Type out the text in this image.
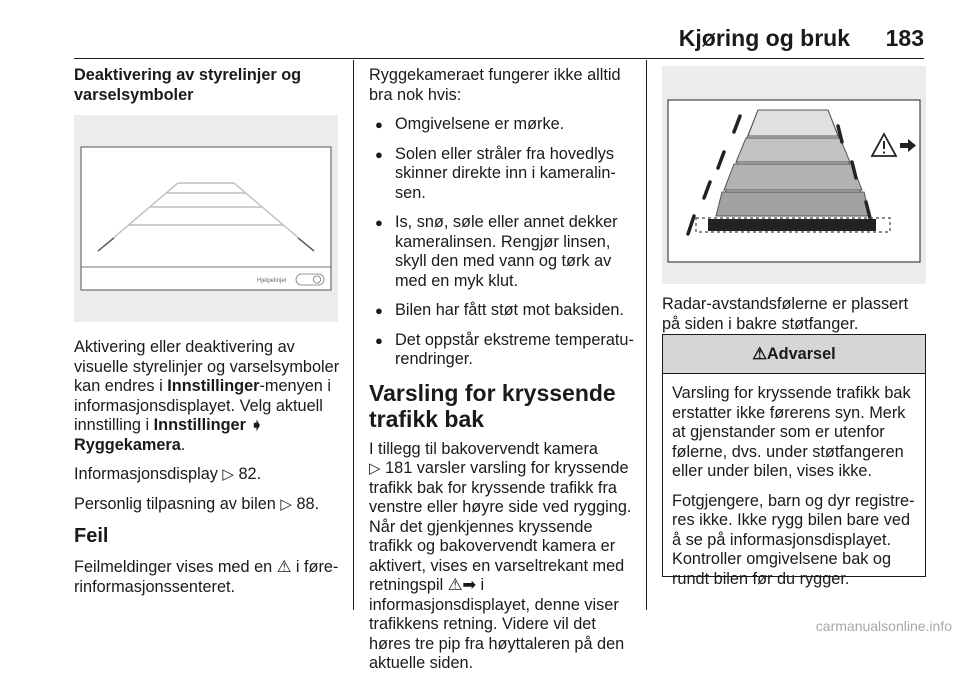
Kjøring og bruk 183
Deaktivering av styrelinjer og varselsymboler
Hjelpelinjer

Aktivering eller deaktivering av visuelle styrelinjer og varselsymboler kan endres i Innstillinger-menyen i informasjonsdisplayet. Velg aktuell innstilling i Innstillinger ➧ Ryggekamera.

Informasjonsdisplay ▷ 82.

Personlig tilpasning av bilen ▷ 88.

Feil

Feilmeldinger vises med en ⚠ i føre-rinformasjonssenteret.

Ryggekameraet fungerer ikke alltid bra nok hvis:

● Omgivelsene er mørke.
● Solen eller stråler fra hovedlys skinner direkte inn i kameralin-sen.
● Is, snø, søle eller annet dekker kameralinsen. Rengjør linsen, skyll den med vann og tørk av med en myk klut.
● Bilen har fått støt mot baksiden.
● Det oppstår ekstreme temperatu-rendringer.
Varsling for kryssende trafikk bak

I tillegg til bakovervendt kamera
▷ 181 varsler varsling for kryssende trafikk bak for kryssende trafikk fra venstre eller høyre side ved rygging. Når det gjenkjennes kryssende trafikk og bakovervendt kamera er aktivert, vises en varseltrekant med retningspil ⚠➡ i informasjonsdisplayet, denne viser trafikkens retning. Videre vil det høres tre pip fra høyttaleren på den aktuelle siden.

Radar-avstandsfølerne er plassert på siden i bakre støtfanger.

⚠Advarsel

Varsling for kryssende trafikk bak erstatter ikke førerens syn. Merk at gjenstander som er utenfor følerne, dvs. under støtfangeren eller under bilen, vises ikke.

Fotgjengere, barn og dyr registre-res ikke. Ikke rygg bilen bare ved å se på informasjonsdisplayet. Kontroller omgivelsene bak og rundt bilen før du rygger.

carmanualsonline.info
